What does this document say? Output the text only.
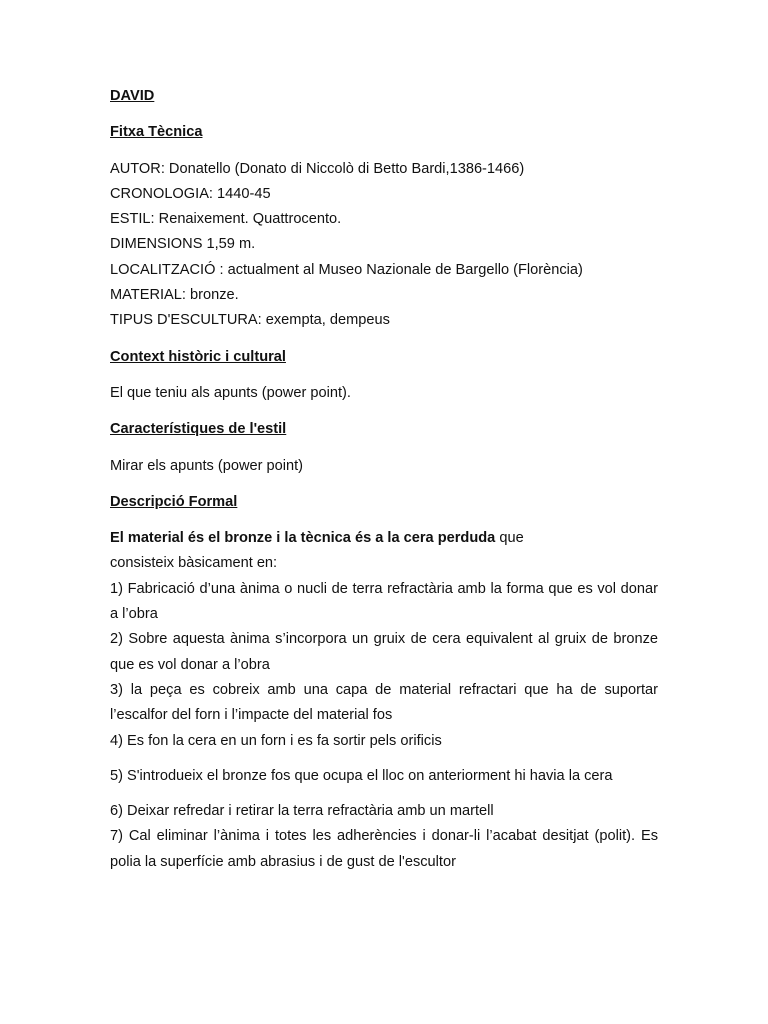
DAVID

Fitxa Tècnica

AUTOR: Donatello (Donato di Niccolò di Betto Bardi,1386-1466)

CRONOLOGIA: 1440-45

ESTIL: Renaixement. Quattrocento.

DIMENSIONS 1,59 m.

LOCALITZACIÓ : actualment al Museo Nazionale de Bargello (Florència)

MATERIAL: bronze.

TIPUS D'ESCULTURA: exempta, dempeus

Context històric i cultural

El que teniu als apunts (power point).

Característiques de l'estil

Mirar els apunts (power point)

Descripció Formal

El material és el bronze i la tècnica és a la cera perduda que

consisteix bàsicament en:

1) Fabricació d’una ànima o nucli de terra refractària amb la forma que es vol donar a l’obra

2) Sobre aquesta ànima s’incorpora un gruix de cera equivalent al gruix de bronze que es vol donar a l’obra

3) la peça es cobreix amb una capa de material refractari que ha de suportar l’escalfor del forn i l’impacte del material fos

4) Es fon la cera en un forn i es fa sortir pels orificis

5) S'introdueix el bronze fos que ocupa el lloc on anteriorment hi havia la cera

6) Deixar refredar i retirar la terra refractària amb un martell

7) Cal eliminar l’ànima i totes les adherències i donar-li l’acabat desitjat (polit). Es polia la superfície amb abrasius i de gust de l'escultor
